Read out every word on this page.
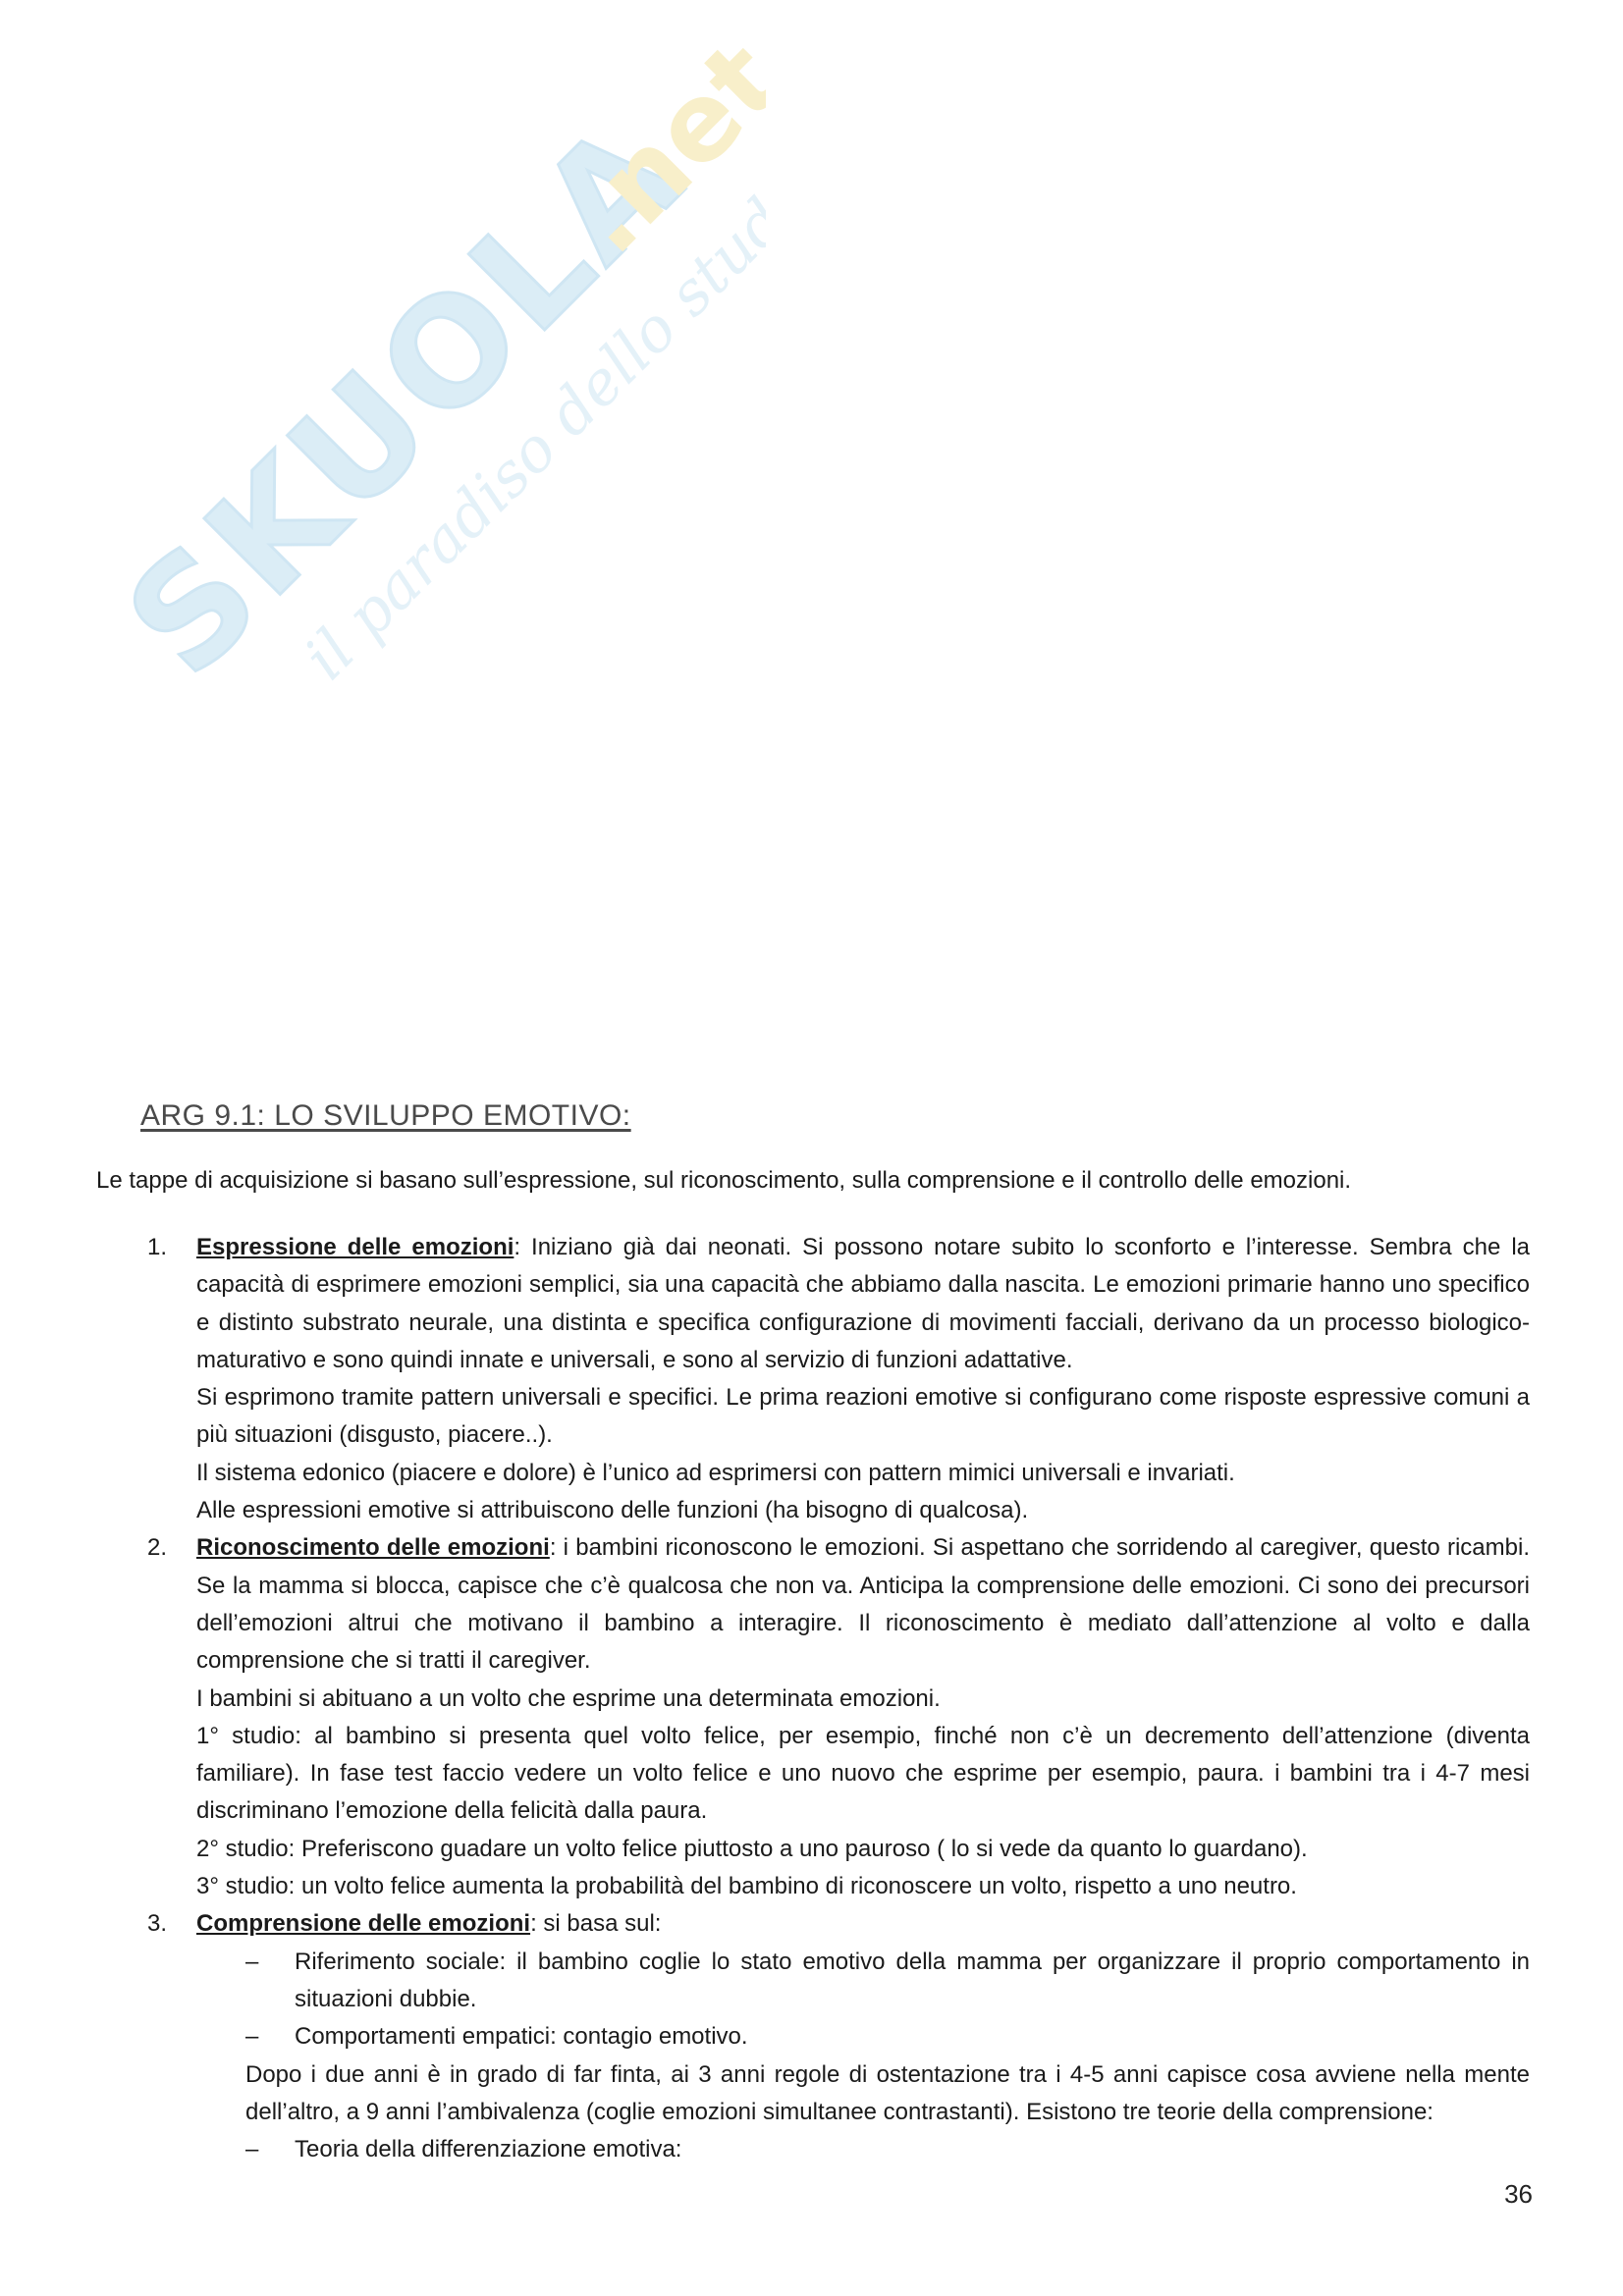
SKUOLA
.net
il paradiso dello studente
ARG 9.1: LO SVILUPPO EMOTIVO:

Le tappe di acquisizione si basano sull’espressione, sul riconoscimento, sulla comprensione e il controllo delle emozioni.

1. Espressione delle emozioni: Iniziano già dai neonati. Si possono notare subito lo sconforto e l’interesse. Sembra che la capacità di esprimere emozioni semplici, sia una capacità che abbiamo dalla nascita. Le emozioni primarie hanno uno specifico e distinto substrato neurale, una distinta e specifica configurazione di movimenti facciali, derivano da un processo biologico-maturativo e sono quindi innate e universali, e sono al servizio di funzioni adattative.
Si esprimono tramite pattern universali e specifici. Le prima reazioni emotive si configurano come risposte espressive comuni a più situazioni (disgusto, piacere..).
Il sistema edonico (piacere e dolore) è l’unico ad esprimersi con pattern mimici universali e invariati.
Alle espressioni emotive si attribuiscono delle funzioni (ha bisogno di qualcosa).
2. Riconoscimento delle emozioni: i bambini riconoscono le emozioni. Si aspettano che sorridendo al caregiver, questo ricambi. Se la mamma si blocca, capisce che c’è qualcosa che non va. Anticipa la comprensione delle emozioni. Ci sono dei precursori dell’emozioni altrui che motivano il bambino a interagire. Il riconoscimento è mediato dall’attenzione al volto e dalla comprensione che si tratti il caregiver.
I bambini si abituano a un volto che esprime una determinata emozioni.
1° studio: al bambino si presenta quel volto felice, per esempio, finché non c’è un decremento dell’attenzione (diventa familiare). In fase test faccio vedere un volto felice e uno nuovo che esprime per esempio, paura. i bambini tra i 4-7 mesi discriminano l’emozione della felicità dalla paura.
2° studio: Preferiscono guadare un volto felice piuttosto a uno pauroso ( lo si vede da quanto lo guardano).
3° studio: un volto felice aumenta la probabilità del bambino di riconoscere un volto, rispetto a uno neutro.
3. Comprensione delle emozioni: si basa sul:
– Riferimento sociale: il bambino coglie lo stato emotivo della mamma per organizzare il proprio comportamento in situazioni dubbie.
– Comportamenti empatici: contagio emotivo.
Dopo i due anni è in grado di far finta, ai 3 anni regole di ostentazione tra i 4-5 anni capisce cosa avviene nella mente dell’altro, a 9 anni l’ambivalenza (coglie emozioni simultanee contrastanti). Esistono tre teorie della comprensione:
– Teoria della differenziazione emotiva:
36
